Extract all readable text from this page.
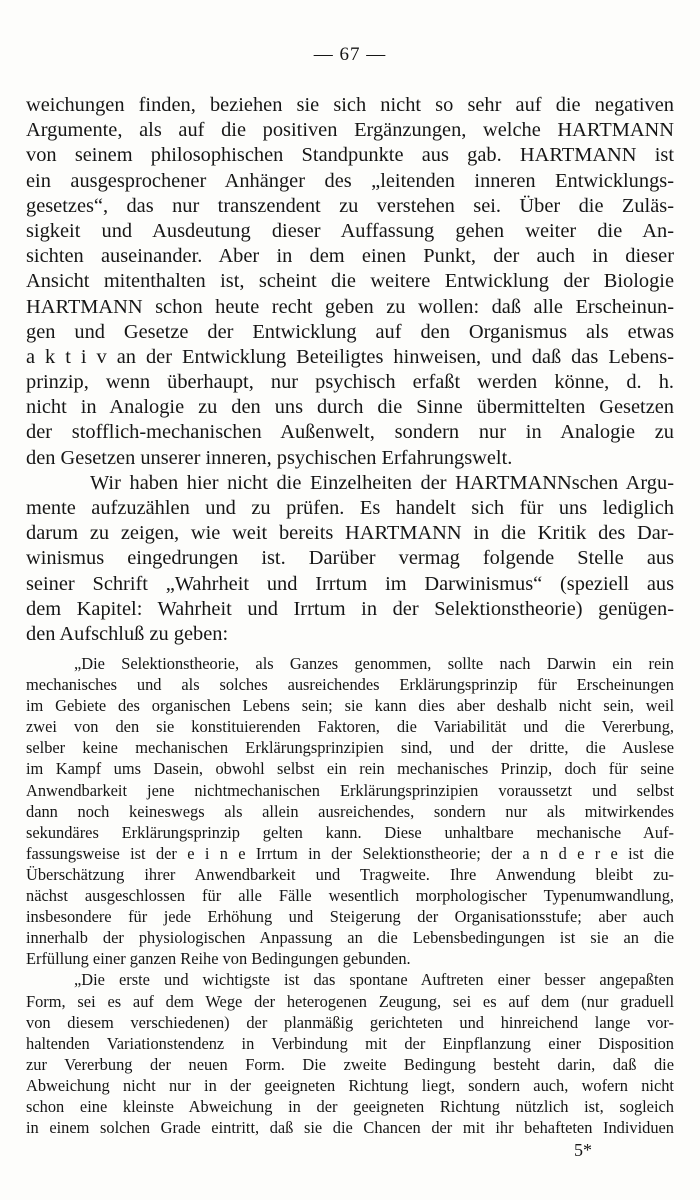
— 67 —
weichungen finden, beziehen sie sich nicht so sehr auf die negativen
Argumente, als auf die positiven Ergänzungen, welche HARTMANN
von seinem philosophischen Standpunkte aus gab. HARTMANN ist
ein ausgesprochener Anhänger des „leitenden inneren Entwicklungs-
gesetzes“, das nur transzendent zu verstehen sei. Über die Zuläs-
sigkeit und Ausdeutung dieser Auffassung gehen weiter die An-
sichten auseinander. Aber in dem einen Punkt, der auch in dieser
Ansicht mitenthalten ist, scheint die weitere Entwicklung der Biologie
HARTMANN schon heute recht geben zu wollen: daß alle Erscheinun-
gen und Gesetze der Entwicklung auf den Organismus als etwas
a k t i v an der Entwicklung Beteiligtes hinweisen, und daß das Lebens-
prinzip, wenn überhaupt, nur psychisch erfaßt werden könne, d. h.
nicht in Analogie zu den uns durch die Sinne übermittelten Gesetzen
der stofflich-mechanischen Außenwelt, sondern nur in Analogie zu
den Gesetzen unserer inneren, psychischen Erfahrungswelt.
Wir haben hier nicht die Einzelheiten der HARTMANNschen Argu-
mente aufzuzählen und zu prüfen. Es handelt sich für uns lediglich
darum zu zeigen, wie weit bereits HARTMANN in die Kritik des Dar-
winismus eingedrungen ist. Darüber vermag folgende Stelle aus
seiner Schrift „Wahrheit und Irrtum im Darwinismus“ (speziell aus
dem Kapitel: Wahrheit und Irrtum in der Selektionstheorie) genügen-
den Aufschluß zu geben:
„Die Selektionstheorie, als Ganzes genommen, sollte nach Darwin ein rein
mechanisches und als solches ausreichendes Erklärungsprinzip für Erscheinungen
im Gebiete des organischen Lebens sein; sie kann dies aber deshalb nicht sein, weil
zwei von den sie konstituierenden Faktoren, die Variabilität und die Vererbung,
selber keine mechanischen Erklärungsprinzipien sind, und der dritte, die Auslese
im Kampf ums Dasein, obwohl selbst ein rein mechanisches Prinzip, doch für seine
Anwendbarkeit jene nichtmechanischen Erklärungsprinzipien voraussetzt und selbst
dann noch keineswegs als allein ausreichendes, sondern nur als mitwirkendes
sekundäres Erklärungsprinzip gelten kann. Diese unhaltbare mechanische Auf-
fassungsweise ist der e i n e Irrtum in der Selektionstheorie; der a n d e r e ist die
Überschätzung ihrer Anwendbarkeit und Tragweite. Ihre Anwendung bleibt zu-
nächst ausgeschlossen für alle Fälle wesentlich morphologischer Typenumwandlung,
insbesondere für jede Erhöhung und Steigerung der Organisationsstufe; aber auch
innerhalb der physiologischen Anpassung an die Lebensbedingungen ist sie an die
Erfüllung einer ganzen Reihe von Bedingungen gebunden.
„Die erste und wichtigste ist das spontane Auftreten einer besser angepaßten
Form, sei es auf dem Wege der heterogenen Zeugung, sei es auf dem (nur graduell
von diesem verschiedenen) der planmäßig gerichteten und hinreichend lange vor-
haltenden Variationstendenz in Verbindung mit der Einpflanzung einer Disposition
zur Vererbung der neuen Form. Die zweite Bedingung besteht darin, daß die
Abweichung nicht nur in der geeigneten Richtung liegt, sondern auch, wofern nicht
schon eine kleinste Abweichung in der geeigneten Richtung nützlich ist, sogleich
in einem solchen Grade eintritt, daß sie die Chancen der mit ihr behafteten Individuen
5*
